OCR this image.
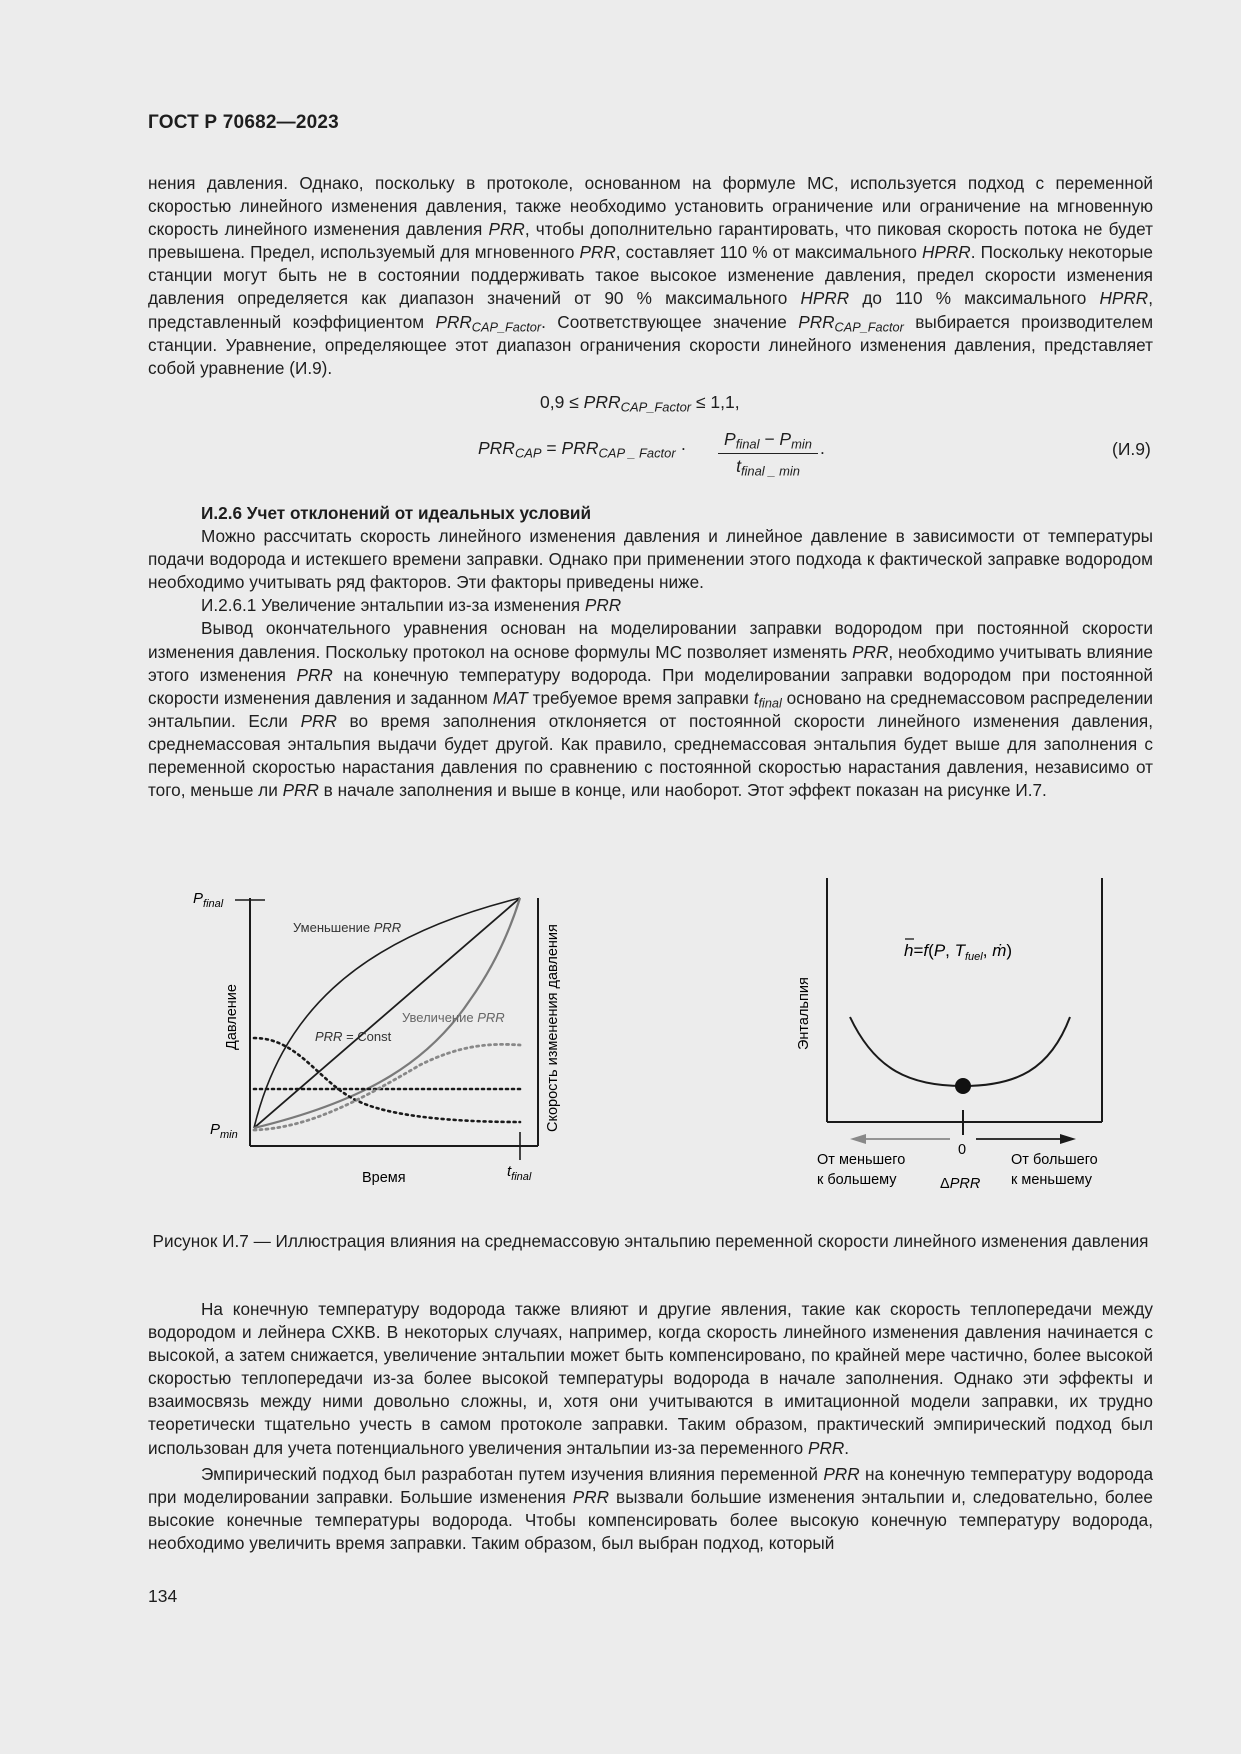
ГОСТ Р 70682—2023

нения давления. Однако, поскольку в протоколе, основанном на формуле МС, используется подход с переменной скоростью линейного изменения давления, также необходимо установить ограничение или ограничение на мгновенную скорость линейного изменения давления PRR, чтобы дополнительно гарантировать, что пиковая скорость потока не будет превышена. Предел, используемый для мгновенного PRR, составляет 110 % от максимального HPRR. Поскольку некоторые станции могут быть не в состоянии поддерживать такое высокое изменение давления, предел скорости изменения давления определяется как диапазон значений от 90 % максимального HPRR до 110 % максимального HPRR, представленный коэффициентом $PRR_{CAP\_Factor}$. Соответствующее значение $PRR_{CAP\_Factor}$ выбирается производителем станции. Уравнение, определяющее этот диапазон ограничения скорости линейного изменения давления, представляет собой уравнение (И.9).

$0,9 \le PRR_{CAP\_Factor} \le 1,1$,
$PRR_{CAP} = PRR_{CAP \_ Factor}$ ·	$P_{final} - P_{min}$
$t_{final \_ min}$
.	(И.9)

И.2.6 Учет отклонений от идеальных условий

Можно рассчитать скорость линейного изменения давления и линейное давление в зависимости от температуры подачи водорода и истекшего времени заправки. Однако при применении этого подхода к фактической заправке водородом необходимо учитывать ряд факторов. Эти факторы приведены ниже.

И.2.6.1 Увеличение энтальпии из-за изменения PRR

Вывод окончательного уравнения основан на моделировании заправки водородом при постоянной скорости изменения давления. Поскольку протокол на основе формулы МС позволяет изменять PRR, необходимо учитывать влияние этого изменения PRR на конечную температуру водорода. При моделировании заправки водородом при постоянной скорости изменения давления и заданном MAT требуемое время заправки $t_{final}$ основано на среднемассовом распределении энтальпии. Если PRR во время заполнения отклоняется от постоянной скорости линейного изменения давления, среднемассовая энтальпия выдачи будет другой. Как правило, среднемассовая энтальпия будет выше для заполнения с переменной скоростью нарастания давления по сравнению с постоянной скоростью нарастания давления, независимо от того, меньше ли PRR в начале заполнения и выше в конце, или наоборот. Этот эффект показан на рисунке И.7.

$P_{final}$
$P_{min}$
$t_{final}$
Время
Давление	Скорость изменения давления
Уменьшение PRR
PRR = Const
Увеличение PRR	Энтальпия
h=f(P, $T_{fuel}$, ṁ)
0
От меньшего
к большему
От большего
к меньшему
ΔPRR
Рисунок И.7 — Иллюстрация влияния на среднемассовую энтальпию переменной скорости линейного изменения давления

На конечную температуру водорода также влияют и другие явления, такие как скорость теплопередачи между водородом и лейнера СХКВ. В некоторых случаях, например, когда скорость линейного изменения давления начинается с высокой, а затем снижается, увеличение энтальпии может быть компенсировано, по крайней мере частично, более высокой скоростью теплопередачи из-за более высокой температуры водорода в начале заполнения. Однако эти эффекты и взаимосвязь между ними довольно сложны, и, хотя они учитываются в имитационной модели заправки, их трудно теоретически тщательно учесть в самом протоколе заправки. Таким образом, практический эмпирический подход был использован для учета потенциального увеличения энтальпии из-за переменного PRR.

Эмпирический подход был разработан путем изучения влияния переменной PRR на конечную температуру водорода при моделировании заправки. Большие изменения PRR вызвали большие изменения энтальпии и, следовательно, более высокие конечные температуры водорода. Чтобы компенсировать более высокую конечную температуру водорода, необходимо увеличить время заправки. Таким образом, был выбран подход, который

134
